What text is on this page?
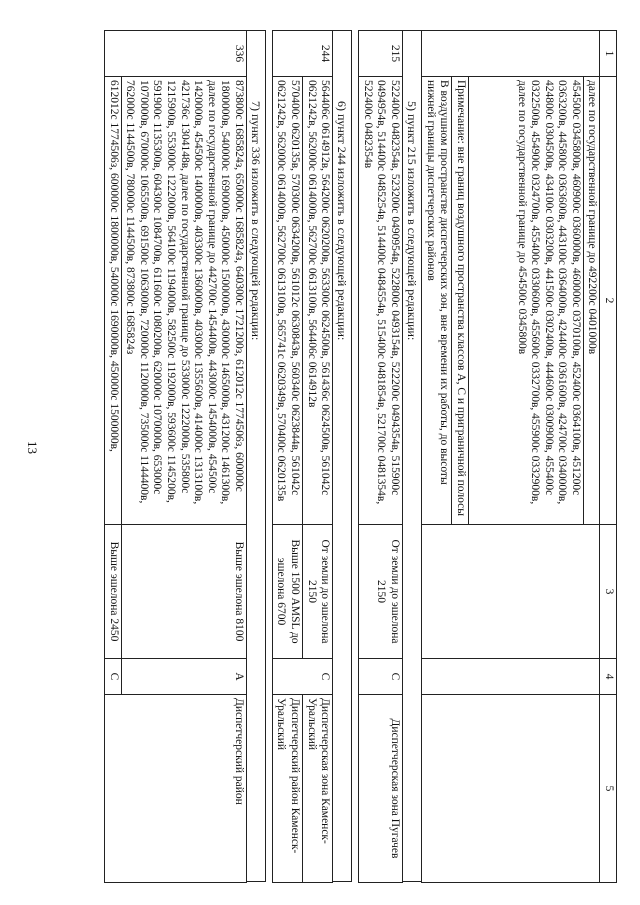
13
1	2	3	4	5
	далее по государственной границе до 492200с 0401000в			
	454500с 0345800в, 460900с 0360000в, 460000с 0370100в, 452400с 0364100в, 451200с 0363200в, 445800с 0363600в, 443100с 0364000в, 424400с 0361600в, 424700с 0340000в, 424800с 0304500в, 434100с 0303200в, 441500с 0302400в, 444600с 0300900в, 455400с 0322500в, 454900с 0324700в, 455400с 0330600в, 455600с 0332700в, 455900с 0332900в, далее по государственной границе до 454500с 0345800в			
	Примечание: вне границ воздушного пространства классов А, С и приграничной полосы			
	В воздушном пространстве диспетчерских зон, вне времени их работы, до высоты нижней границы диспетчерских районов			
5) пункт 215 изложить в следующей редакции:
215	522400с 0482354в, 523200с 0490954в, 522800с 0493154в, 522200с 0494354в, 515900с 0494954в, 514400с 0485254в, 514400с 0484554в, 515400с 0481854в, 521700с 0481354в, 522400с 0482354в	От земли до эшелона 2150	С	Диспетчерская зона Пугачев
6) пункт 244 изложить в следующей редакции:
244	564406с 0614912в, 564200с 0620200в, 563300с 0624500в, 561436с 0624500в, 561042с 0621242в, 562000с 0614000в, 562700с 0613100в, 564406с 0614912в	От земли до эшелона 2150	С	Диспетчерская зона Каменск-Уральский
	570400с 0620135в, 570300с 0634200в, 561012с 0630843в, 560340с 0623844в, 561042с 0621242в, 562000с 0614000в, 562700с 0613100в, 565741с 0620349в, 570400с 0620135в	Выше 1500 AMSL до эшелона 6700		Диспетчерский район Каменск-Уральский
7) пункт 336 изложить в следующей редакции:
336	873800с 1685824з, 650000с 1685824з, 640300с 1721200з, 612012с 1774506з, 600000с 1800000в, 540000с 1690000в, 450000с 1500000в, 430000с 1465000в, 431200с 1461300в, далее по государственной границе до 442700с 1454400в, 443000с 1454000в, 454500с 1420000в, 454500с 1400000в, 403300с 1360000в, 403000с 1355600в, 414000с 1313100в, 421736с 1304148в, далее по государственной границе до 533000с 1222000в, 535800с 1215900в, 553000с 1222000в, 564100с 1194000в, 582500с 1192000в, 593600с 1145200в, 591900с 1135300в, 604300с 1084700в, 611600с 1080200в, 620000с 1070000в, 653000с 1070000в, 670000с 1065500в, 691500с 1063000в, 720000с 1120000в, 735000с 1144400в, 762000с 1144500в, 780000с 1144500в, 873800с 1685824з	Выше эшелона 8100	А	Диспетчерский район
	612012с 1774506з, 600000с 1800000в, 540000с 1690000в, 450000с 1500000в,	Выше эшелона 2450	С	
